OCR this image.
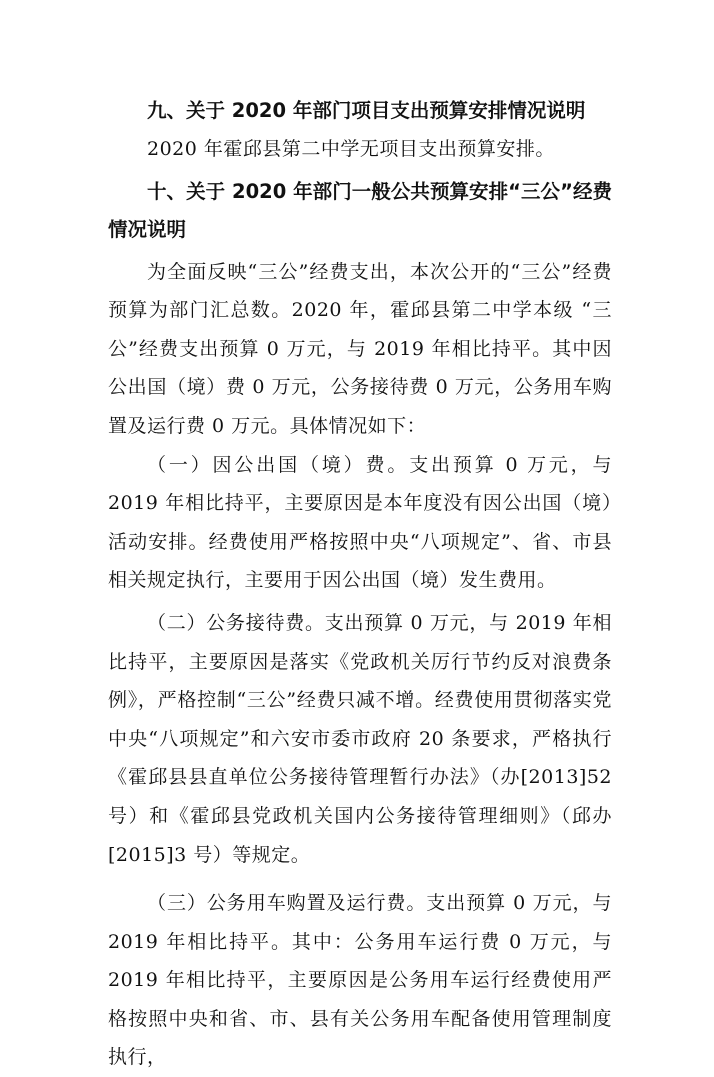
九、关于 2020 年部门项目支出预算安排情况说明

2020 年霍邱县第二中学无项目支出预算安排。

十、关于 2020 年部门一般公共预算安排“三公”经费情况说明

为全面反映“三公”经费支出，本次公开的“三公”经费预算为部门汇总数。2020 年，霍邱县第二中学本级 “三公”经费支出预算 0 万元，与 2019 年相比持平。其中因公出国（境）费 0 万元，公务接待费 0 万元，公务用车购置及运行费 0 万元。具体情况如下：

（一）因公出国（境）费。支出预算 0 万元，与 2019 年相比持平，主要原因是本年度没有因公出国（境）活动安排。经费使用严格按照中央“八项规定”、省、市县相关规定执行，主要用于因公出国（境）发生费用。

（二）公务接待费。支出预算 0 万元，与 2019 年相比持平，主要原因是落实《党政机关厉行节约反对浪费条例》，严格控制“三公”经费只减不增。经费使用贯彻落实党中央“八项规定”和六安市委市政府 20 条要求，严格执行《霍邱县县直单位公务接待管理暂行办法》（办[2013]52 号）和《霍邱县党政机关国内公务接待管理细则》（邱办[2015]3 号）等规定。

（三）公务用车购置及运行费。支出预算 0 万元，与 2019 年相比持平。其中：公务用车运行费 0 万元，与 2019 年相比持平，主要原因是公务用车运行经费使用严格按照中央和省、市、县有关公务用车配备使用管理制度执行，
